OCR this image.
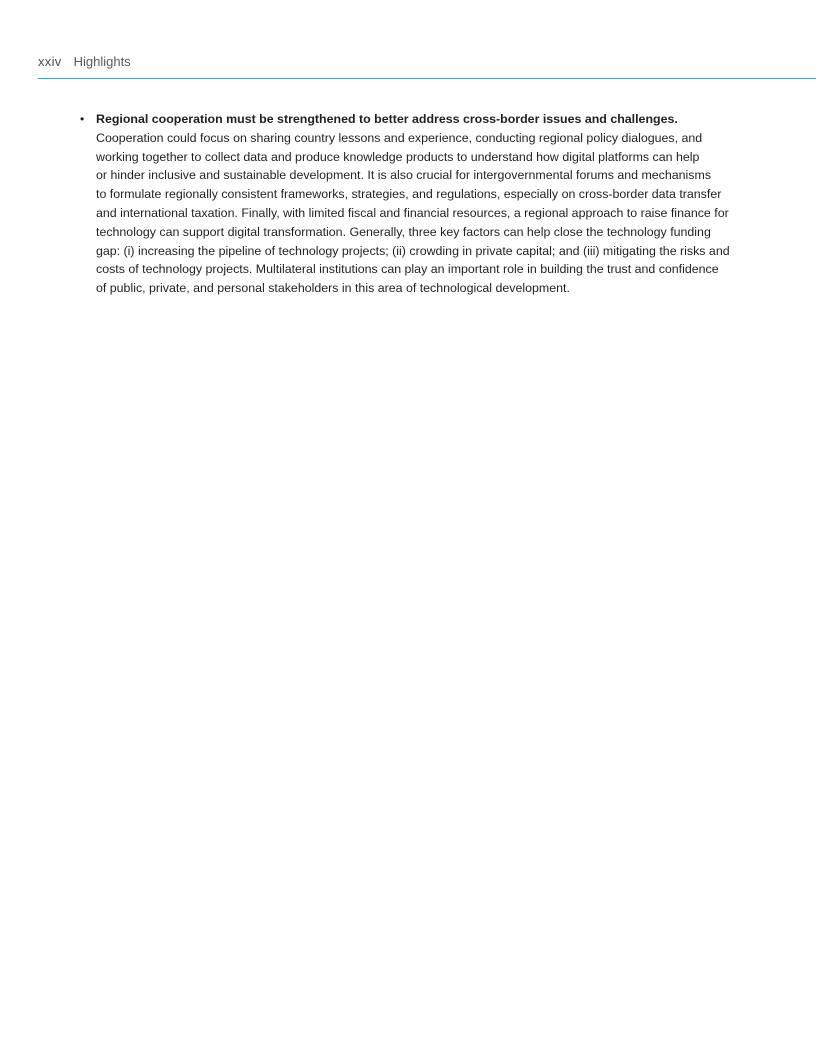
xxiv Highlights
• Regional cooperation must be strengthened to better address cross-border issues and challenges.
Cooperation could focus on sharing country lessons and experience, conducting regional policy dialogues, and
working together to collect data and produce knowledge products to understand how digital platforms can help
or hinder inclusive and sustainable development. It is also crucial for intergovernmental forums and mechanisms
to formulate regionally consistent frameworks, strategies, and regulations, especially on cross-border data transfer
and international taxation. Finally, with limited fiscal and financial resources, a regional approach to raise finance for
technology can support digital transformation. Generally, three key factors can help close the technology funding
gap: (i) increasing the pipeline of technology projects; (ii) crowding in private capital; and (iii) mitigating the risks and
costs of technology projects. Multilateral institutions can play an important role in building the trust and confidence
of public, private, and personal stakeholders in this area of technological development.
